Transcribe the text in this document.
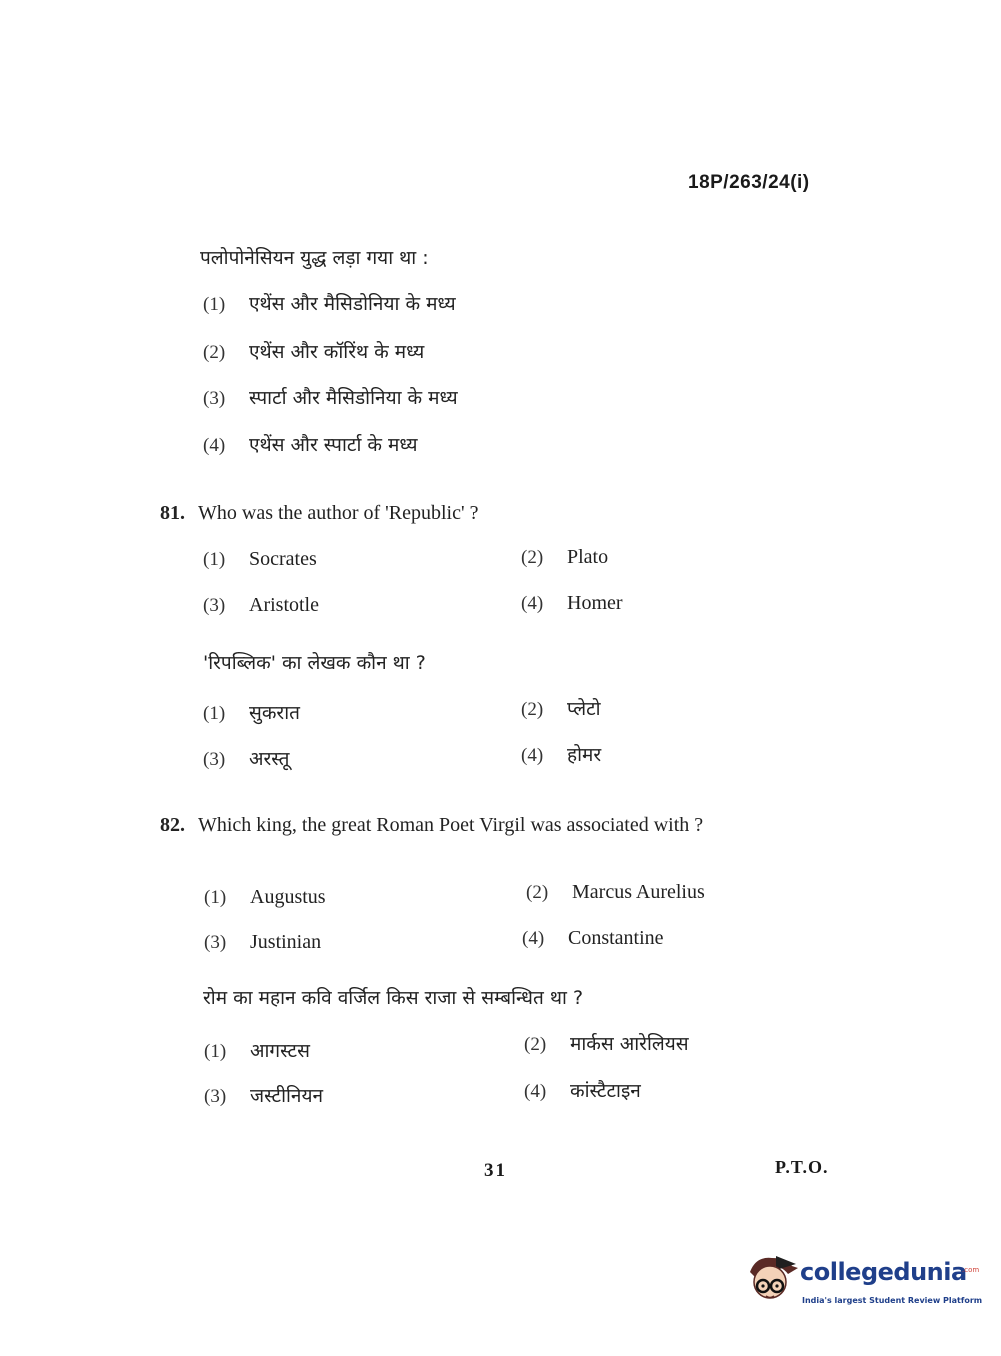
18P/263/24(i)
पलोपोनेसियन युद्ध लड़ा गया था :
(1) एथेंस और मैसिडोनिया के मध्य
(2) एथेंस और कॉरिंथ के मध्य
(3) स्पार्टा और मैसिडोनिया के मध्य
(4) एथेंस और स्पार्टा के मध्य
81. Who was the author of 'Republic' ?
(1) Socrates	(2) Plato
(3) Aristotle	(4) Homer
'रिपब्लिक' का लेखक कौन था ?
(1) सुकरात	(2) प्लेटो
(3) अरस्तू	(4) होमर
82. Which king, the great Roman Poet Virgil was associated with ?
(1) Augustus	(2) Marcus Aurelius
(3) Justinian	(4) Constantine
रोम का महान कवि वर्जिल किस राजा से सम्बन्धित था ?
(1) आगस्टस	(2) मार्कस आरेलियस
(3) जस्टीनियन	(4) कांस्टैटाइन
31	P.T.O.
collegedunia
.com
India's largest Student Review Platform
